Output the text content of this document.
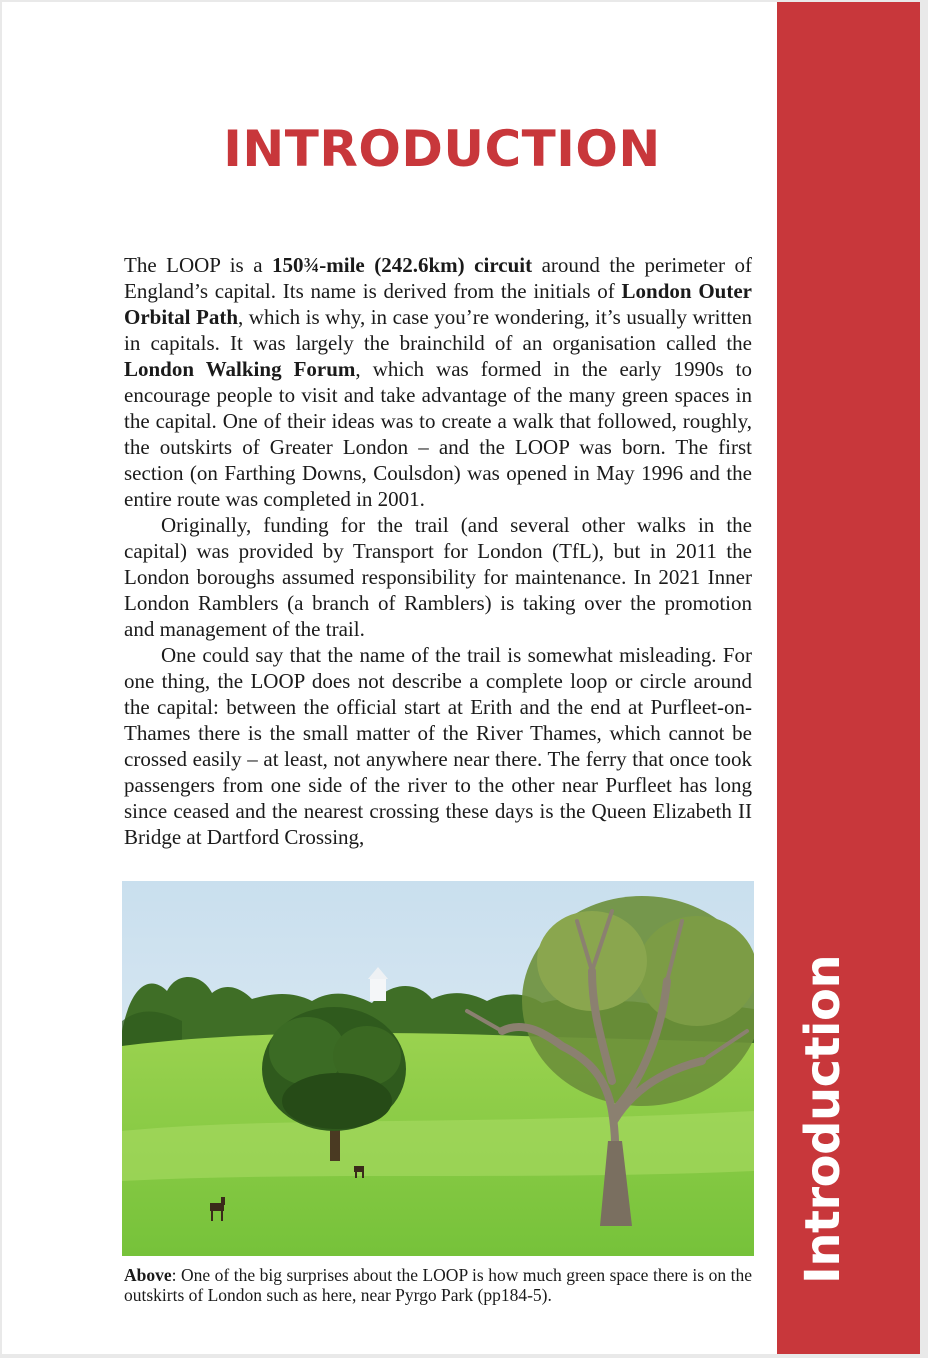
Introduction
INTRODUCTION

The LOOP is a 150¾-mile (242.6km) circuit around the perimeter of England’s capital. Its name is derived from the initials of London Outer Orbital Path, which is why, in case you’re wondering, it’s usually written in capitals. It was largely the brainchild of an organisation called the London Walking Forum, which was formed in the early 1990s to encourage people to visit and take advantage of the many green spaces in the capital. One of their ideas was to create a walk that followed, roughly, the outskirts of Greater London – and the LOOP was born. The first section (on Farthing Downs, Coulsdon) was opened in May 1996 and the entire route was completed in 2001.

Originally, funding for the trail (and several other walks in the capital) was provided by Transport for London (TfL), but in 2011 the London boroughs assumed responsibility for maintenance. In 2021 Inner London Ramblers (a branch of Ramblers) is taking over the promotion and management of the trail.

One could say that the name of the trail is somewhat misleading. For one thing, the LOOP does not describe a complete loop or circle around the capital: between the official start at Erith and the end at Purfleet-on-Thames there is the small matter of the River Thames, which cannot be crossed easily – at least, not anywhere near there. The ferry that once took passengers from one side of the river to the other near Purfleet has long since ceased and the nearest crossing these days is the Queen Elizabeth II Bridge at Dartford Crossing,

Above: One of the big surprises about the LOOP is how much green space there is on the outskirts of London such as here, near Pyrgo Park (pp184-5).
